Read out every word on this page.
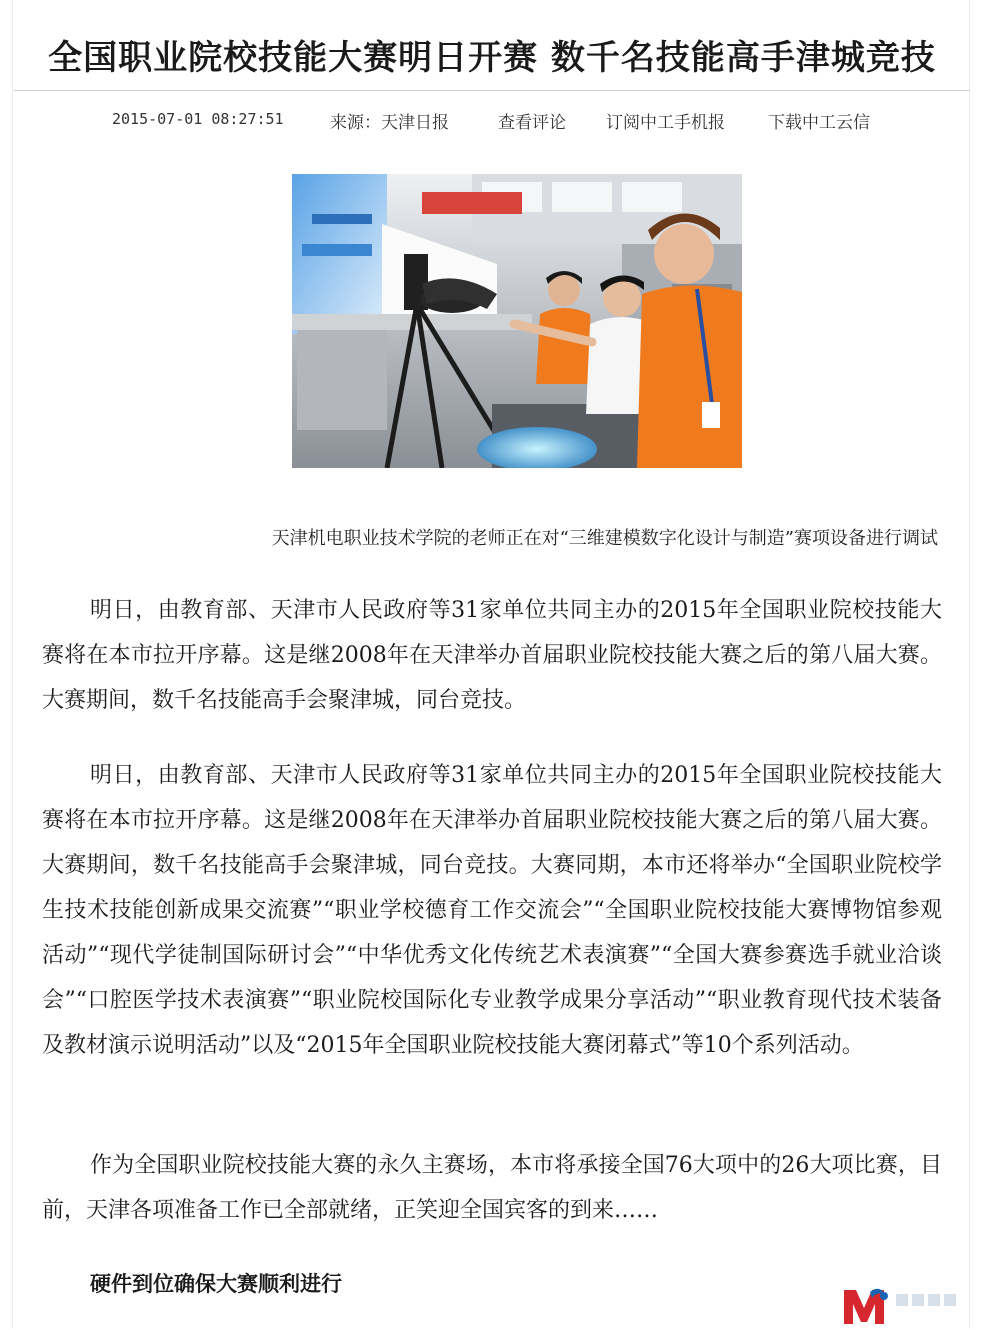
全国职业院校技能大赛明日开赛 数千名技能高手津城竞技
2015-07-01 08:27:51	来源：天津日报	查看评论 订阅中工手机报	下载中工云信
天津机电职业技术学院的老师正在对“三维建模数字化设计与制造”赛项设备进行调试

明日，由教育部、天津市人民政府等31家单位共同主办的2015年全国职业院校技能大赛将在本市拉开序幕。这是继2008年在天津举办首届职业院校技能大赛之后的第八届大赛。大赛期间，数千名技能高手会聚津城，同台竞技。

明日，由教育部、天津市人民政府等31家单位共同主办的2015年全国职业院校技能大赛将在本市拉开序幕。这是继2008年在天津举办首届职业院校技能大赛之后的第八届大赛。大赛期间，数千名技能高手会聚津城，同台竞技。大赛同期，本市还将举办“全国职业院校学生技术技能创新成果交流赛”“职业学校德育工作交流会”“全国职业院校技能大赛博物馆参观活动”“现代学徒制国际研讨会”“中华优秀文化传统艺术表演赛”“全国大赛参赛选手就业洽谈会”“口腔医学技术表演赛”“职业院校国际化专业教学成果分享活动”“职业教育现代技术装备及教材演示说明活动”以及“2015年全国职业院校技能大赛闭幕式”等10个系列活动。

作为全国职业院校技能大赛的永久主赛场，本市将承接全国76大项中的26大项比赛，目前，天津各项准备工作已全部就绪，正笑迎全国宾客的到来……

硬件到位确保大赛顺利进行
